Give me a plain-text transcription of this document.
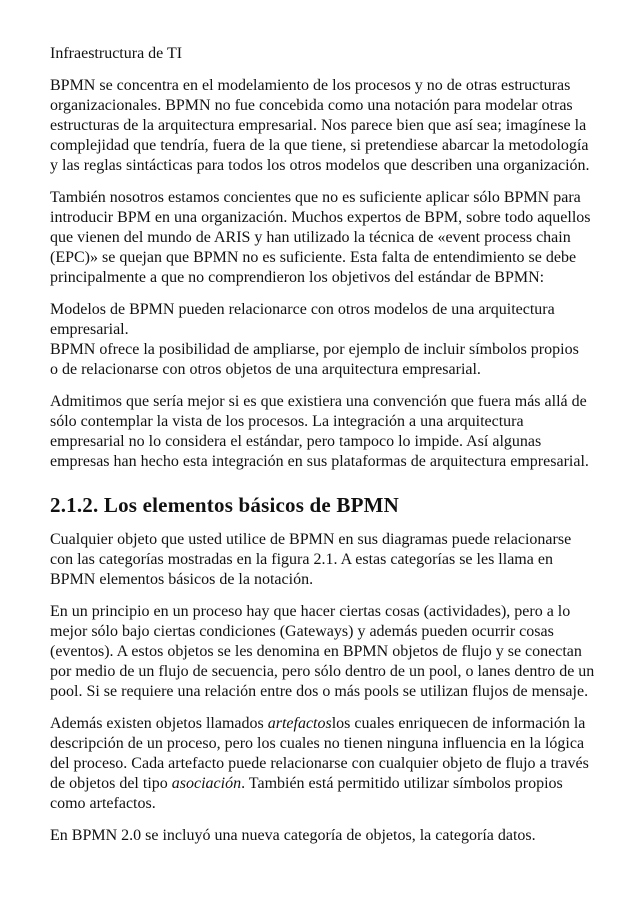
Infraestructura de TI

BPMN se concentra en el modelamiento de los procesos y no de otras estructuras
organizacionales. BPMN no fue concebida como una notación para modelar otras
estructuras de la arquitectura empresarial. Nos parece bien que así sea; imagínese la
complejidad que tendría, fuera de la que tiene, si pretendiese abarcar la metodología
y las reglas sintácticas para todos los otros modelos que describen una organización.

También nosotros estamos concientes que no es suficiente aplicar sólo BPMN para
introducir BPM en una organización. Muchos expertos de BPM, sobre todo aquellos
que vienen del mundo de ARIS y han utilizado la técnica de «event process chain
(EPC)» se quejan que BPMN no es suficiente. Esta falta de entendimiento se debe
principalmente a que no comprendieron los objetivos del estándar de BPMN:

Modelos de BPMN pueden relacionarce con otros modelos de una arquitectura
empresarial.
BPMN ofrece la posibilidad de ampliarse, por ejemplo de incluir símbolos propios
o de relacionarse con otros objetos de una arquitectura empresarial.

Admitimos que sería mejor si es que existiera una convención que fuera más allá de
sólo contemplar la vista de los procesos. La integración a una arquitectura
empresarial no lo considera el estándar, pero tampoco lo impide. Así algunas
empresas han hecho esta integración en sus plataformas de arquitectura empresarial.

2.1.2. Los elementos básicos de BPMN

Cualquier objeto que usted utilice de BPMN en sus diagramas puede relacionarse
con las categorías mostradas en la figura 2.1. A estas categorías se les llama en
BPMN elementos básicos de la notación.

En un principio en un proceso hay que hacer ciertas cosas (actividades), pero a lo
mejor sólo bajo ciertas condiciones (Gateways) y además pueden ocurrir cosas
(eventos). A estos objetos se les denomina en BPMN objetos de flujo y se conectan
por medio de un flujo de secuencia, pero sólo dentro de un pool, o lanes dentro de un
pool. Si se requiere una relación entre dos o más pools se utilizan flujos de mensaje.

Además existen objetos llamados artefactoslos cuales enriquecen de información la
descripción de un proceso, pero los cuales no tienen ninguna influencia en la lógica
del proceso. Cada artefacto puede relacionarse con cualquier objeto de flujo a través
de objetos del tipo asociación. También está permitido utilizar símbolos propios
como artefactos.

En BPMN 2.0 se incluyó una nueva categoría de objetos, la categoría datos.
